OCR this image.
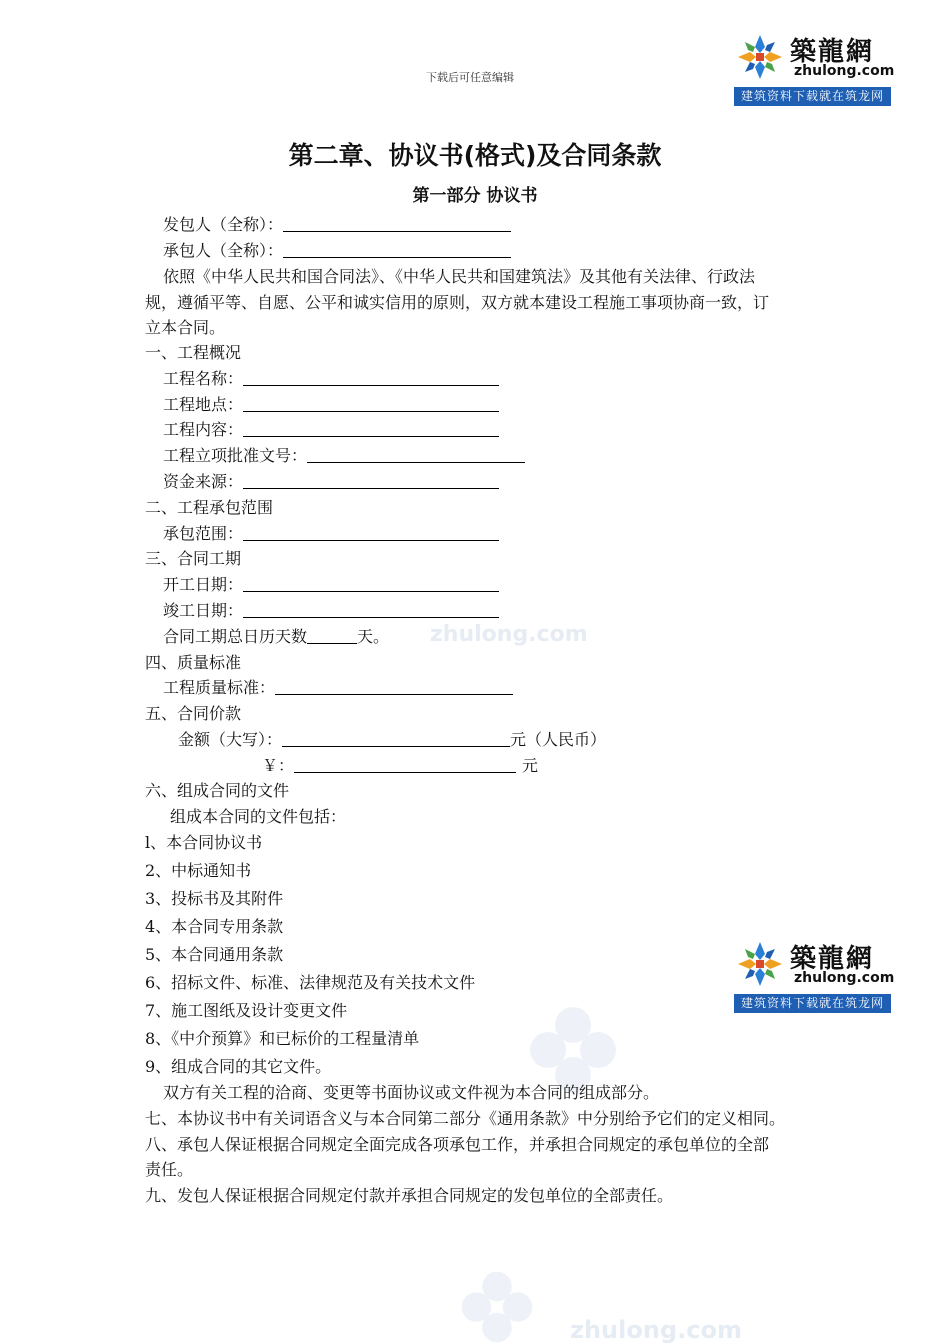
zhulong.com
zhulong.com
下载后可任意编辑
築龍網
zhulong.com
建筑资料下载就在筑龙网
築龍網
zhulong.com
建筑资料下载就在筑龙网
第二章、协议书(格式)及合同条款
第一部分 协议书
发包人（全称）：
承包人（全称）：
依照《中华人民共和国合同法》、《中华人民共和国建筑法》及其他有关法律、行政法
规，遵循平等、自愿、公平和诚实信用的原则，双方就本建设工程施工事项协商一致，订
立本合同。
一、工程概况
工程名称：
工程地点：
工程内容：
工程立项批准文号：
资金来源：
二、工程承包范围
承包范围：
三、合同工期
开工日期：
竣工日期：
合同工期总日历天数	天。
四、质量标准
工程质量标准：
五、合同价款
金额（大写）：	元（人民币）
￥：	元
六、组成合同的文件
组成本合同的文件包括：
l、本合同协议书
2、中标通知书
3、投标书及其附件
4、本合同专用条款
5、本合同通用条款
6、招标文件、标准、法律规范及有关技术文件
7、施工图纸及设计变更文件
8、《中介预算》和已标价的工程量清单
9、组成合同的其它文件。
双方有关工程的洽商、变更等书面协议或文件视为本合同的组成部分。
七、本协议书中有关词语含义与本合同第二部分《通用条款》中分别给予它们的定义相同。
八、承包人保证根据合同规定全面完成各项承包工作，并承担合同规定的承包单位的全部
责任。
九、发包人保证根据合同规定付款并承担合同规定的发包单位的全部责任。
